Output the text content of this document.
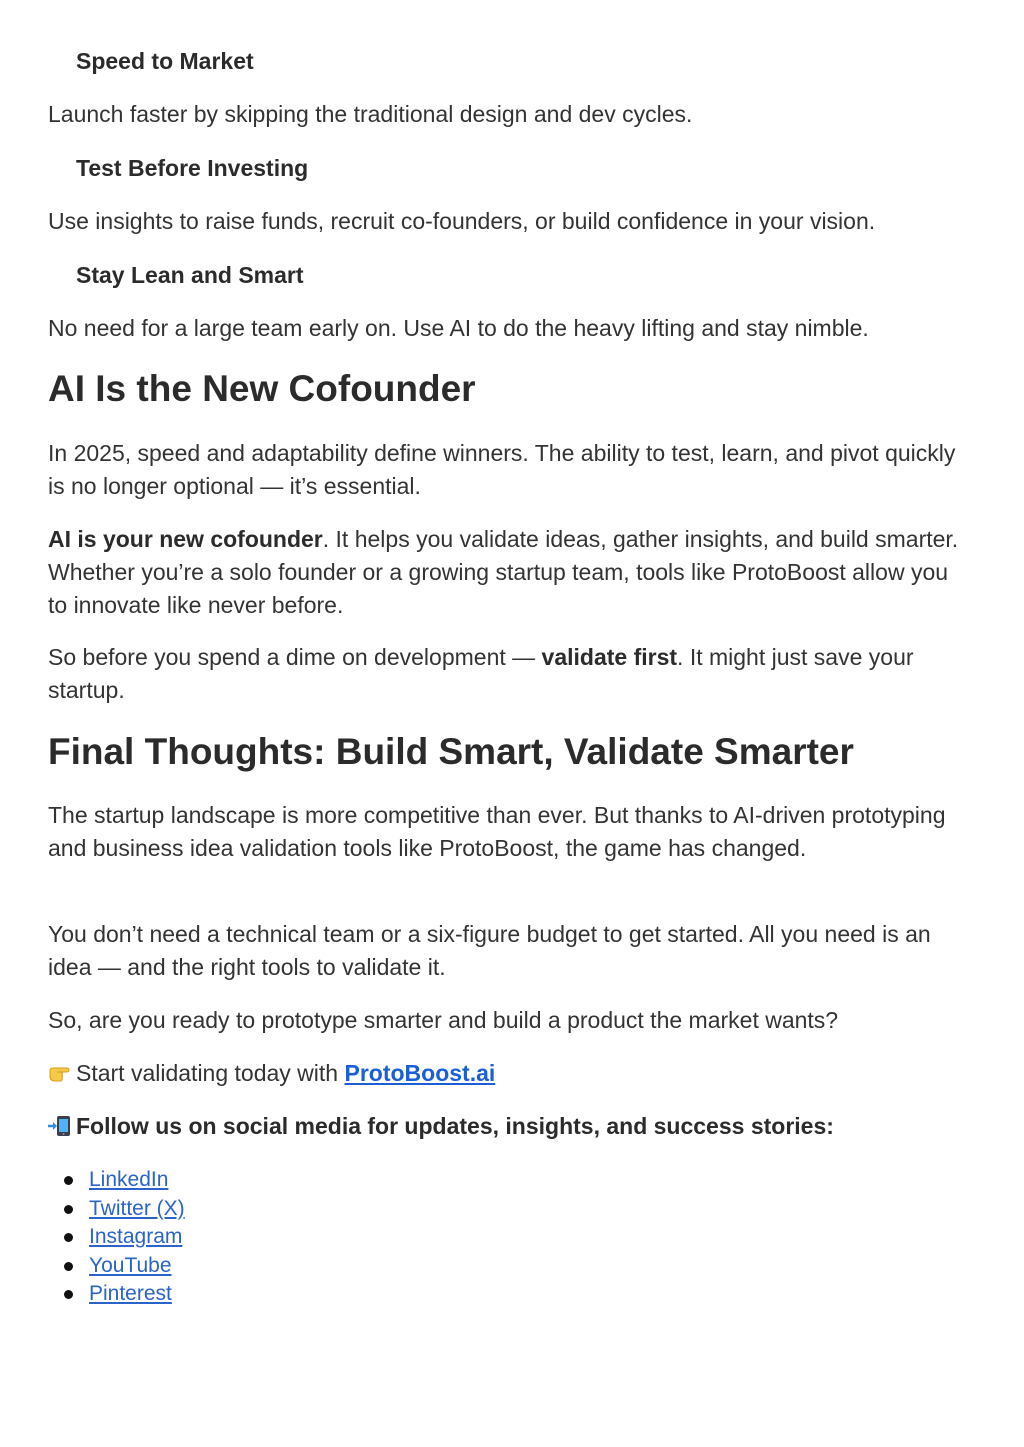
Speed to Market

Launch faster by skipping the traditional design and dev cycles.

Test Before Investing

Use insights to raise funds, recruit co-founders, or build confidence in your vision.

Stay Lean and Smart

No need for a large team early on. Use AI to do the heavy lifting and stay nimble.

AI Is the New Cofounder

In 2025, speed and adaptability define winners. The ability to test, learn, and pivot quickly is no longer optional — it’s essential.

AI is your new cofounder. It helps you validate ideas, gather insights, and build smarter. Whether you’re a solo founder or a growing startup team, tools like ProtoBoost allow you to innovate like never before.

So before you spend a dime on development — validate first. It might just save your startup.

Final Thoughts: Build Smart, Validate Smarter

The startup landscape is more competitive than ever. But thanks to AI-driven prototyping and business idea validation tools like ProtoBoost, the game has changed.

You don’t need a technical team or a six-figure budget to get started. All you need is an idea — and the right tools to validate it.

So, are you ready to prototype smarter and build a product the market wants?

Start validating today with ProtoBoost.ai

Follow us on social media for updates, insights, and success stories:

LinkedIn
Twitter (X)
Instagram
YouTube
Pinterest
